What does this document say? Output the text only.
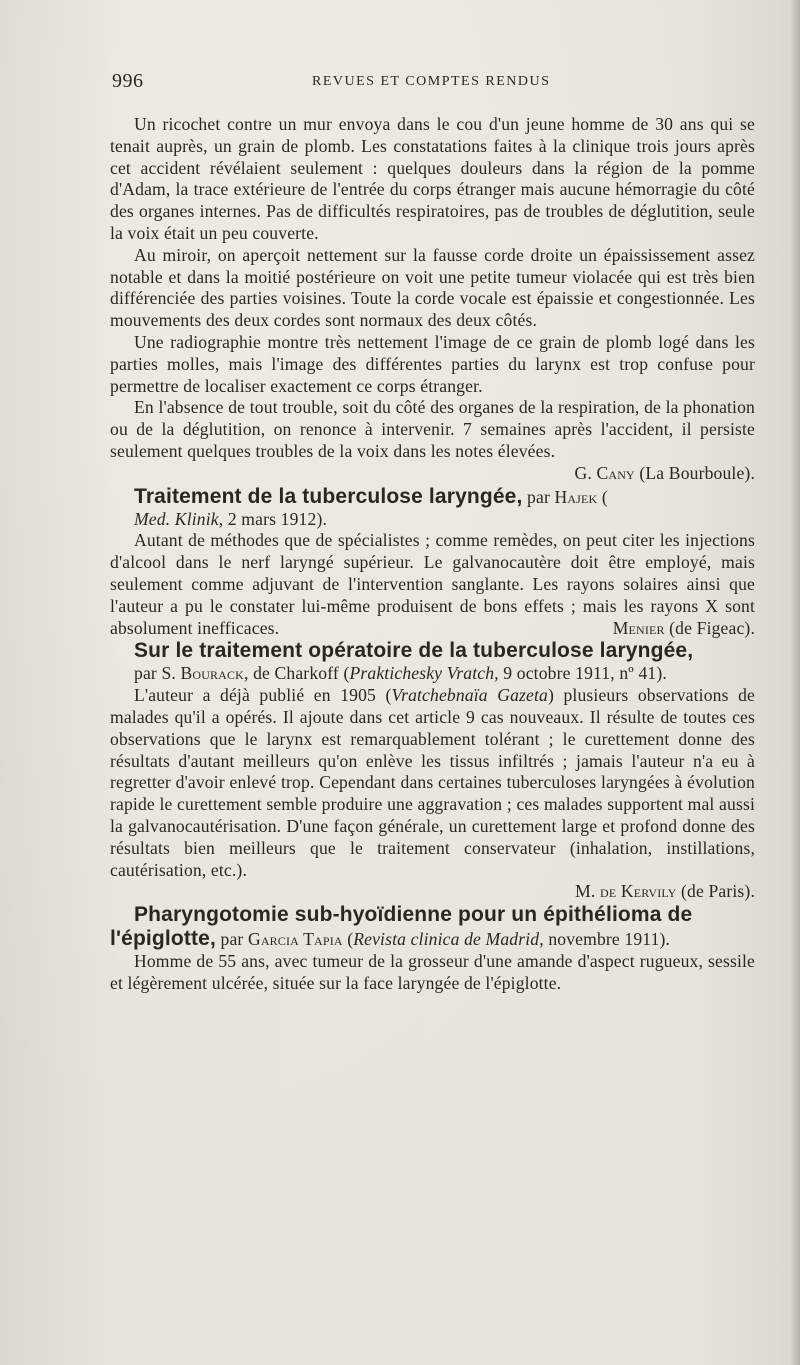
996	REVUES ET COMPTES RENDUS

Un ricochet contre un mur envoya dans le cou d'un jeune homme de 30 ans qui se tenait auprès, un grain de plomb. Les constatations faites à la clinique trois jours après cet accident révélaient seulement : quelques douleurs dans la région de la pomme d'Adam, la trace extérieure de l'entrée du corps étranger mais aucune hémorragie du côté des organes internes. Pas de difficultés respiratoires, pas de troubles de déglutition, seule la voix était un peu couverte.

Au miroir, on aperçoit nettement sur la fausse corde droite un épaississement assez notable et dans la moitié postérieure on voit une petite tumeur violacée qui est très bien différenciée des parties voisines. Toute la corde vocale est épaissie et congestionnée. Les mouvements des deux cordes sont normaux des deux côtés.

Une radiographie montre très nettement l'image de ce grain de plomb logé dans les parties molles, mais l'image des différentes parties du larynx est trop confuse pour permettre de localiser exactement ce corps étranger.

En l'absence de tout trouble, soit du côté des organes de la respiration, de la phonation ou de la déglutition, on renonce à intervenir. 7 semaines après l'accident, il persiste seulement quelques troubles de la voix dans les notes élevées.
G. Cany (La Bourboule).

Traitement de la tuberculose laryngée, par Hajek (

Med. Klinik, 2 mars 1912).

Autant de méthodes que de spécialistes ; comme remèdes, on peut citer les injections d'alcool dans le nerf laryngé supérieur. Le galvanocautère doit être employé, mais seulement comme adjuvant de l'intervention sanglante. Les rayons solaires ainsi que l'auteur a pu le constater lui-même produisent de bons effets ; mais les rayons X sont absolument inefficaces.	Menier (de Figeac).

Sur le traitement opératoire de la tuberculose laryngée,

par S. Bourack, de Charkoff (Prakticheskу Vratch, 9 octobre 1911, nº 41).

L'auteur a déjà publié en 1905 (Vratchebnaïa Gazeta) plusieurs observations de malades qu'il a opérés. Il ajoute dans cet article 9 cas nouveaux. Il résulte de toutes ces observations que le larynx est remarquablement tolérant ; le curettement donne des résultats d'autant meilleurs qu'on enlève les tissus infiltrés ; jamais l'auteur n'a eu à regretter d'avoir enlevé trop. Cependant dans certaines tuberculoses laryngées à évolution rapide le curettement semble produire une aggravation ; ces malades supportent mal aussi la galvanocautérisation. D'une façon générale, un curettement large et profond donne des résultats bien meilleurs que le traitement conservateur (inhalation, instillations, cautérisation, etc.).

M. de Kervily (de Paris).

Pharyngotomie sub-hyoïdienne pour un épithélioma de l'épiglotte, par Garcia Tapia (Revista clinica de Madrid, novembre 1911).

Homme de 55 ans, avec tumeur de la grosseur d'une amande d'aspect rugueux, sessile et légèrement ulcérée, située sur la face laryngée de l'épiglotte.
